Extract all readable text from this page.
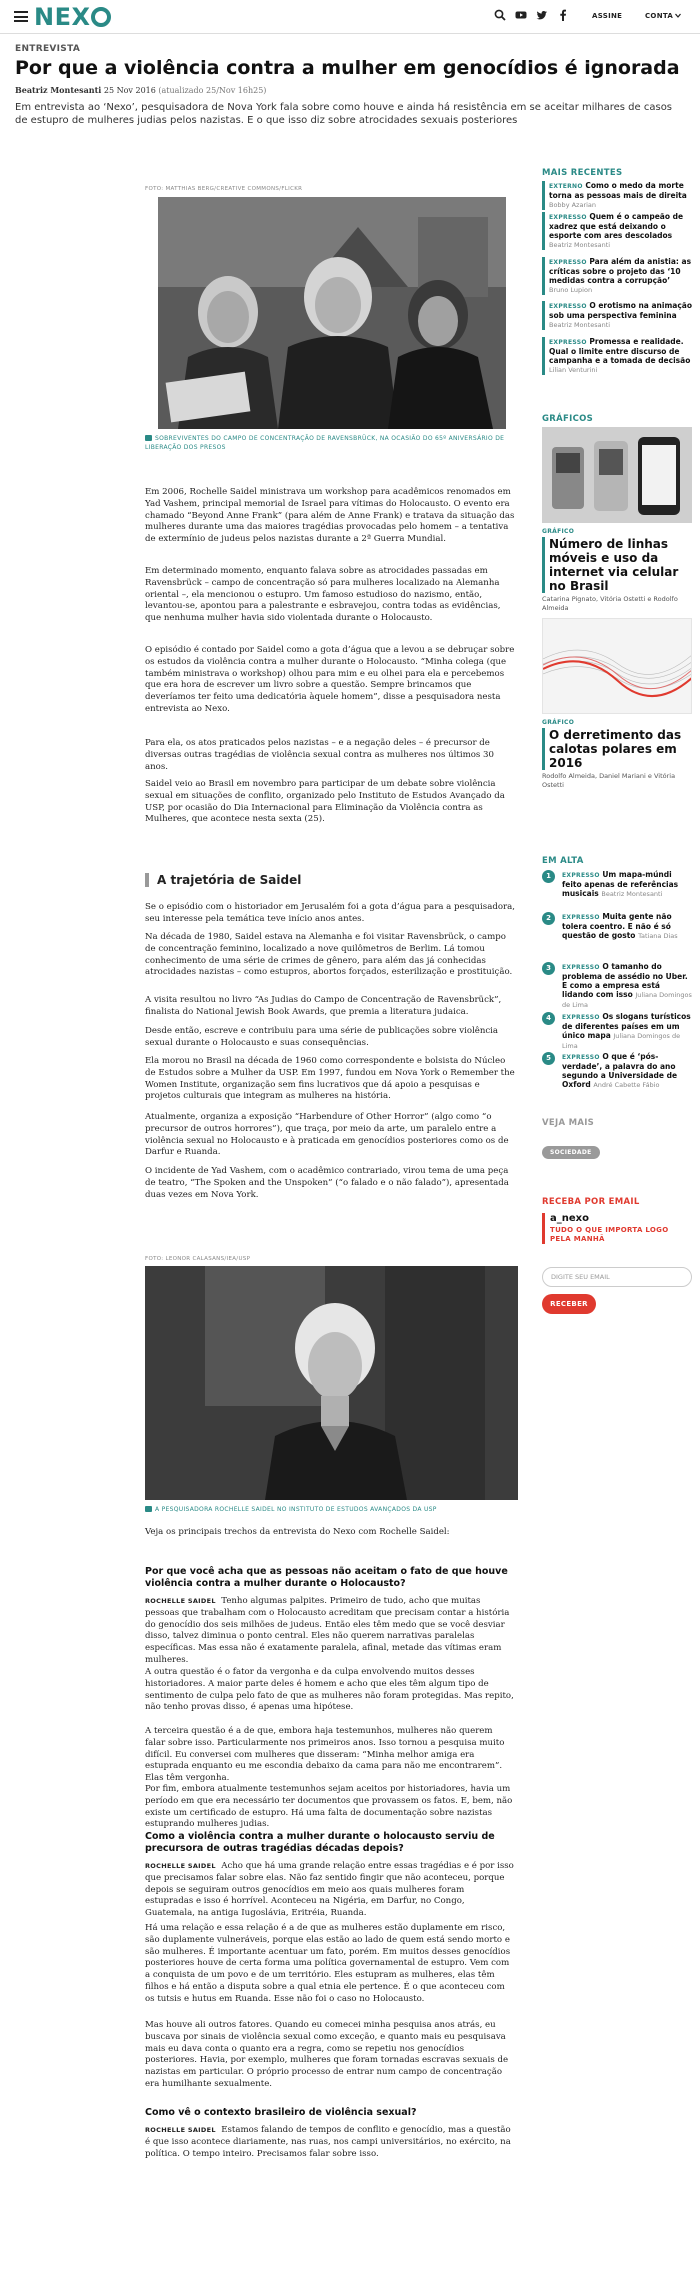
NEX	ASSINE	CONTA
ENTREVISTA
Por que a violência contra a mulher em genocídios é ignorada
Beatriz Montesanti 25 Nov 2016 (atualizado 25/Nov 16h25)

Em entrevista ao ‘Nexo’, pesquisadora de Nova York fala sobre como houve e ainda há resistência em se aceitar milhares de casos de estupro de mulheres judias pelos nazistas. E o que isso diz sobre atrocidades sexuais posteriores

FOTO: MATTHIAS BERG/CREATIVE COMMONS/FLICKR
SOBREVIVENTES DO CAMPO DE CONCENTRAÇÃO DE RAVENSBRÜCK, NA OCASIÃO DO 65º ANIVERSÁRIO DE LIBERAÇÃO DOS PRESOS

Em 2006, Rochelle Saidel ministrava um workshop para acadêmicos renomados em Yad Vashem, principal memorial de Israel para vítimas do Holocausto. O evento era chamado “Beyond Anne Frank” (para além de Anne Frank) e tratava da situação das mulheres durante uma das maiores tragédias provocadas pelo homem – a tentativa de extermínio de judeus pelos nazistas durante a 2ª Guerra Mundial.

Em determinado momento, enquanto falava sobre as atrocidades passadas em Ravensbrück – campo de concentração só para mulheres localizado na Alemanha oriental –, ela mencionou o estupro. Um famoso estudioso do nazismo, então, levantou-se, apontou para a palestrante e esbravejou, contra todas as evidências, que nenhuma mulher havia sido violentada durante o Holocausto.

O episódio é contado por Saidel como a gota d’água que a levou a se debruçar sobre os estudos da violência contra a mulher durante o Holocausto. “Minha colega (que também ministrava o workshop) olhou para mim e eu olhei para ela e percebemos que era hora de escrever um livro sobre a questão. Sempre brincamos que deveríamos ter feito uma dedicatória àquele homem”, disse a pesquisadora nesta entrevista ao Nexo.

Para ela, os atos praticados pelos nazistas – e a negação deles – é precursor de diversas outras tragédias de violência sexual contra as mulheres nos últimos 30 anos.

Saidel veio ao Brasil em novembro para participar de um debate sobre violência sexual em situações de conflito, organizado pelo Instituto de Estudos Avançado da USP, por ocasião do Dia Internacional para Eliminação da Violência contra as Mulheres, que acontece nesta sexta (25).

A trajetória de Saidel

Se o episódio com o historiador em Jerusalém foi a gota d’água para a pesquisadora, seu interesse pela temática teve início anos antes.

Na década de 1980, Saidel estava na Alemanha e foi visitar Ravensbrück, o campo de concentração feminino, localizado a nove quilômetros de Berlim. Lá tomou conhecimento de uma série de crimes de gênero, para além das já conhecidas atrocidades nazistas – como estupros, abortos forçados, esterilização e prostituição.

A visita resultou no livro “As Judias do Campo de Concentração de Ravensbrück”, finalista do National Jewish Book Awards, que premia a literatura judaica.

Desde então, escreve e contribuiu para uma série de publicações sobre violência sexual durante o Holocausto e suas consequências.

Ela morou no Brasil na década de 1960 como correspondente e bolsista do Núcleo de Estudos sobre a Mulher da USP. Em 1997, fundou em Nova York o Remember the Women Institute, organização sem fins lucrativos que dá apoio a pesquisas e projetos culturais que integram as mulheres na história.

Atualmente, organiza a exposição “Harbendure of Other Horror” (algo como “o precursor de outros horrores”), que traça, por meio da arte, um paralelo entre a violência sexual no Holocausto e à praticada em genocídios posteriores como os de Darfur e Ruanda.

O incidente de Yad Vashem, com o acadêmico contrariado, virou tema de uma peça de teatro, “The Spoken and the Unspoken” (“o falado e o não falado”), apresentada duas vezes em Nova York.

FOTO: LEONOR CALASANS/IEA/USP
A PESQUISADORA ROCHELLE SAIDEL NO INSTITUTO DE ESTUDOS AVANÇADOS DA USP

Veja os principais trechos da entrevista do Nexo com Rochelle Saidel:

Por que você acha que as pessoas não aceitam o fato de que houve violência contra a mulher durante o Holocausto?

ROCHELLE SAIDEL Tenho algumas palpites. Primeiro de tudo, acho que muitas pessoas que trabalham com o Holocausto acreditam que precisam contar a história do genocídio dos seis milhões de judeus. Então eles têm medo que se você desviar disso, talvez diminua o ponto central. Eles não querem narrativas paralelas específicas. Mas essa não é exatamente paralela, afinal, metade das vítimas eram mulheres.

A outra questão é o fator da vergonha e da culpa envolvendo muitos desses historiadores. A maior parte deles é homem e acho que eles têm algum tipo de sentimento de culpa pelo fato de que as mulheres não foram protegidas. Mas repito, não tenho provas disso, é apenas uma hipótese.

A terceira questão é a de que, embora haja testemunhos, mulheres não querem falar sobre isso. Particularmente nos primeiros anos. Isso tornou a pesquisa muito difícil. Eu conversei com mulheres que disseram: “Minha melhor amiga era estuprada enquanto eu me escondia debaixo da cama para não me encontrarem”. Elas têm vergonha.

Por fim, embora atualmente testemunhos sejam aceitos por historiadores, havia um período em que era necessário ter documentos que provassem os fatos. E, bem, não existe um certificado de estupro. Há uma falta de documentação sobre nazistas estuprando mulheres judias.

Como a violência contra a mulher durante o holocausto serviu de precursora de outras tragédias décadas depois?

ROCHELLE SAIDEL Acho que há uma grande relação entre essas tragédias e é por isso que precisamos falar sobre elas. Não faz sentido fingir que não aconteceu, porque depois se seguiram outros genocídios em meio aos quais mulheres foram estupradas e isso é horrível. Aconteceu na Nigéria, em Darfur, no Congo, Guatemala, na antiga Iugoslávia, Eritréia, Ruanda.

Há uma relação e essa relação é a de que as mulheres estão duplamente em risco, são duplamente vulneráveis, porque elas estão ao lado de quem está sendo morto e são mulheres. É importante acentuar um fato, porém. Em muitos desses genocídios posteriores houve de certa forma uma política governamental de estupro. Vem com a conquista de um povo e de um território. Eles estupram as mulheres, elas têm filhos e há então a disputa sobre a qual etnia ele pertence. É o que aconteceu com os tutsis e hutus em Ruanda. Esse não foi o caso no Holocausto.

Mas houve ali outros fatores. Quando eu comecei minha pesquisa anos atrás, eu buscava por sinais de violência sexual como exceção, e quanto mais eu pesquisava mais eu dava conta o quanto era a regra, como se repetiu nos genocídios posteriores. Havia, por exemplo, mulheres que foram tornadas escravas sexuais de nazistas em particular. O próprio processo de entrar num campo de concentração era humilhante sexualmente.

Como vê o contexto brasileiro de violência sexual?

ROCHELLE SAIDEL Estamos falando de tempos de conflito e genocídio, mas a questão é que isso acontece diariamente, nas ruas, nos campi universitários, no exército, na política. O tempo inteiro. Precisamos falar sobre isso.

MAIS RECENTES
EXTERNO Como o medo da morte torna as pessoas mais de direita Bobby Azarian
EXPRESSO Quem é o campeão de xadrez que está deixando o esporte com ares descolados Beatriz Montesanti
EXPRESSO Para além da anistia: as críticas sobre o projeto das ‘10 medidas contra a corrupção’ Bruno Lupion
EXPRESSO O erotismo na animação sob uma perspectiva feminina Beatriz Montesanti
EXPRESSO Promessa e realidade. Qual o limite entre discurso de campanha e a tomada de decisão Lilian Venturini
GRÁFICOS
GRÁFICO
Número de linhas móveis e uso da internet via celular no Brasil
Catarina Pignato, Vitória Ostetti e Rodolfo Almeida
GRÁFICO
O derretimento das calotas polares em 2016
Rodolfo Almeida, Daniel Mariani e Vitória Ostetti
EM ALTA
1	EXPRESSO Um mapa-múndi feito apenas de referências musicais Beatriz Montesanti
2	EXPRESSO Muita gente não tolera coentro. E não é só questão de gosto Tatiana Dias
3	EXPRESSO O tamanho do problema de assédio no Uber. E como a empresa está lidando com isso Juliana Domingos de Lima
4	EXPRESSO Os slogans turísticos de diferentes países em um único mapa Juliana Domingos de Lima
5	EXPRESSO O que é ‘pós-verdade’, a palavra do ano segundo a Universidade de Oxford André Cabette Fábio
VEJA MAIS
SOCIEDADE
RECEBA POR EMAIL
a_nexo
TUDO O QUE IMPORTA LOGO PELA MANHÃ
DIGITE SEU EMAIL
RECEBER
